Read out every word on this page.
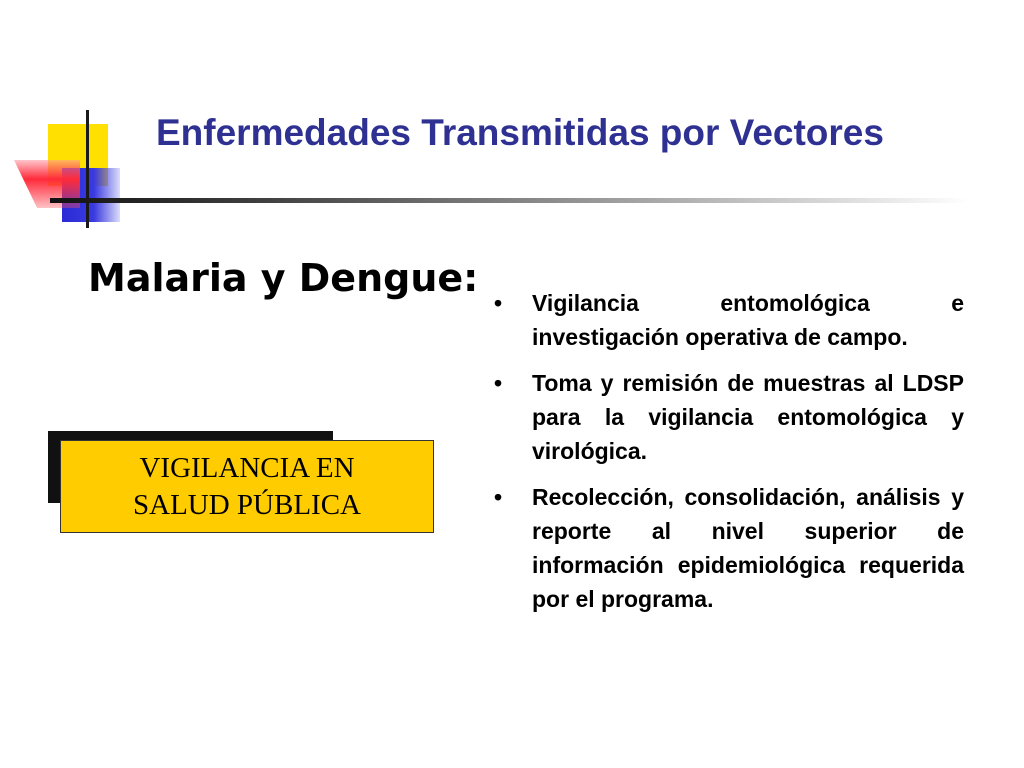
Enfermedades Transmitidas por Vectores
Malaria y Dengue:
VIGILANCIA EN
SALUD PÚBLICA
• Vigilancia entomológica e investigación operativa de campo.
• Toma y remisión de muestras al LDSP para la vigilancia entomológica y virológica.
• Recolección, consolidación, análisis y reporte al nivel superior de información epidemiológica requerida por el programa.
